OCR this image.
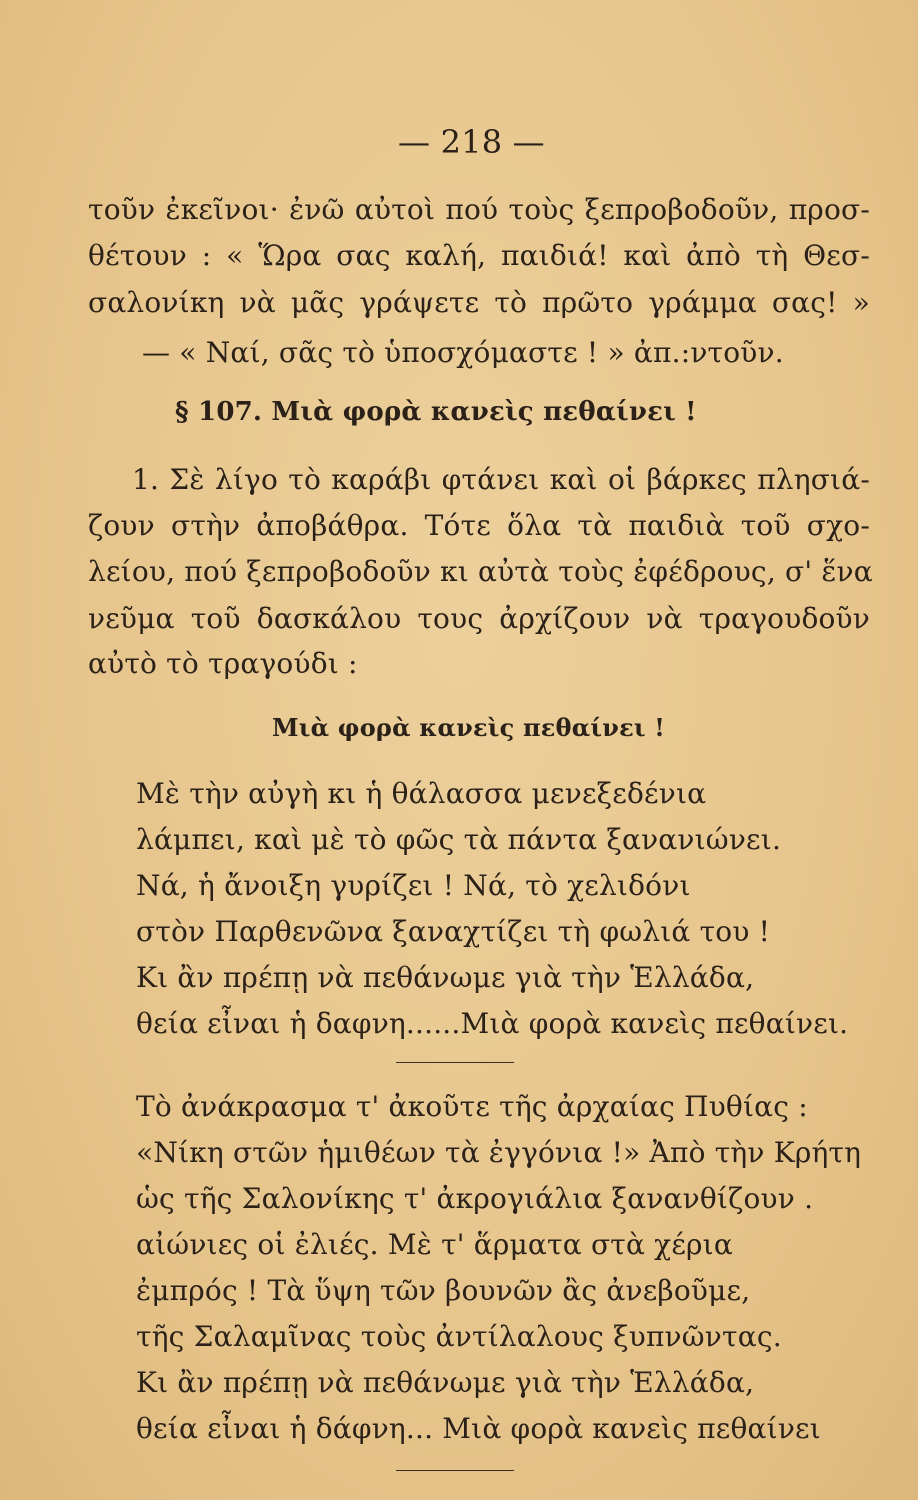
— 218 —
τοῦν ἐκεῖνοι· ἐνῶ αὐτοὶ πού τοὺς ξεπροβοδοῦν, προσ-
θέτουν : « Ὥρα σας καλή, παιδιά! καὶ ἀπὸ τὴ Θεσ-
σαλονίκη νὰ μᾶς γράψετε τὸ πρῶτο γράμμα σας! »
— « Ναί, σᾶς τὸ ὑποσχόμαστε ! » ἀπ.:ντοῦν.
§ 107. Μιὰ φορὰ κανεὶς πεθαίνει !
1. Σὲ λίγο τὸ καράβι φτάνει καὶ οἱ βάρκες πλησιά-
ζουν στὴν ἀποβάθρα. Τότε ὅλα τὰ παιδιὰ τοῦ σχο-
λείου, πού ξεπροβοδοῦν κι αὐτὰ τοὺς ἐφέδρους, σ' ἕνα
νεῦμα τοῦ δασκάλου τους ἀρχίζουν νὰ τραγουδοῦν
αὐτὸ τὸ τραγούδι :
Μιὰ φορὰ κανεὶς πεθαίνει !
Μὲ τὴν αὐγὴ κι ἡ θάλασσα μενεξεδένια
λάμπει, καὶ μὲ τὸ φῶς τὰ πάντα ξανανιώνει.
Νά, ἡ ἄνοιξη γυρίζει ! Νά, τὸ χελιδόνι
στὸν Παρθενῶνα ξαναχτίζει τὴ φωλιά του !
Κι ἂν πρέπῃ νὰ πεθάνωμε γιὰ τὴν Ἑλλάδα,
θεία εἶναι ἡ δαφνη......Μιὰ φορὰ κανεὶς πεθαίνει.
Τὸ ἀνάκρασμα τ' ἀκοῦτε τῆς ἀρχαίας Πυθίας :
«Νίκη στῶν ἡμιθέων τὰ ἐγγόνια !» Ἀπὸ τὴν Κρήτη
ὡς τῆς Σαλονίκης τ' ἀκρογιάλια ξανανθίζουν .
αἰώνιες οἱ ἐλιές. Μὲ τ' ἅρματα στὰ χέρια
ἐμπρός ! Τὰ ὕψη τῶν βουνῶν ἂς ἀνεβοῦμε,
τῆς Σαλαμῖνας τοὺς ἀντίλαλους ξυπνῶντας.
Κι ἂν πρέπῃ νὰ πεθάνωμε γιὰ τὴν Ἑλλάδα,
θεία εἶναι ἡ δάφνη... Μιὰ φορὰ κανεὶς πεθαίνει
